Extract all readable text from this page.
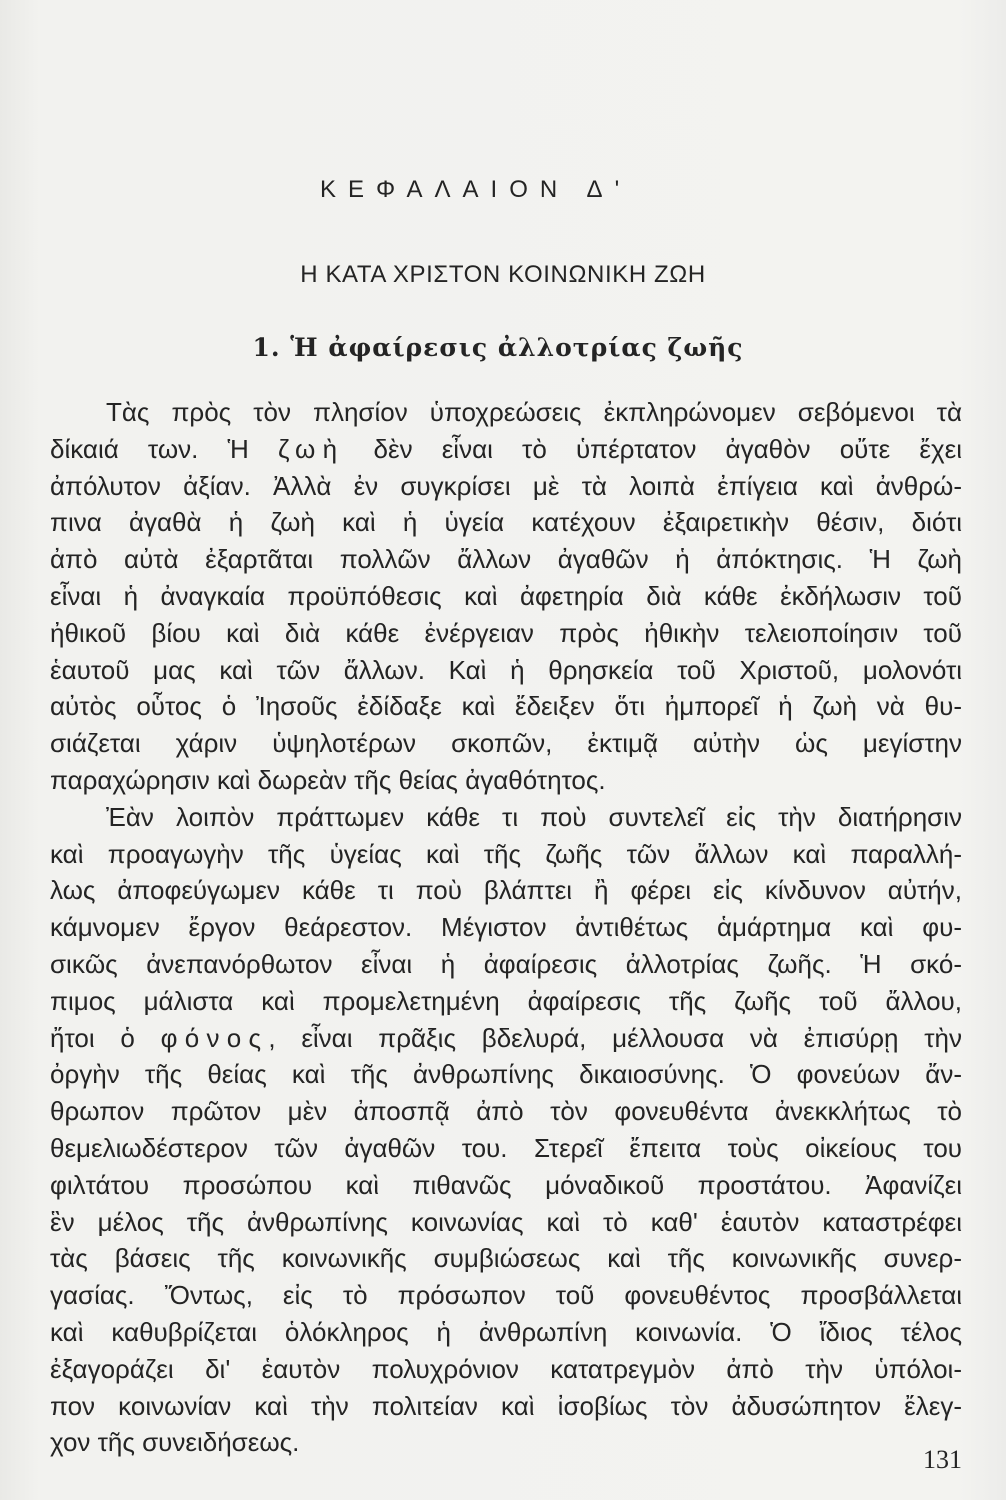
ΚΕΦΑΛΑΙΟΝ Δ'
Η ΚΑΤΑ ΧΡΙΣΤΟΝ ΚΟΙΝΩΝΙΚΗ ΖΩΗ
1. Ἡ ἀφαίρεσις ἀλλοτρίας ζωῆς
Τὰς πρὸς τὸν πλησίον ὑποχρεώσεις ἐκπληρώνομεν σεβόμενοι τὰ
δίκαιά των. Ἡ ζωὴ δὲν εἶναι τὸ ὑπέρτατον ἀγαθὸν οὔτε ἔχει
ἀπόλυτον ἀξίαν. Ἀλλὰ ἐν συγκρίσει μὲ τὰ λοιπὰ ἐπίγεια καὶ ἀνθρώ-
πινα ἀγαθὰ ἡ ζωὴ καὶ ἡ ὑγεία κατέχουν ἐξαιρετικὴν θέσιν, διότι
ἀπὸ αὐτὰ ἐξαρτᾶται πολλῶν ἄλλων ἀγαθῶν ἡ ἀπόκτησις. Ἡ ζωὴ
εἶναι ἡ ἀναγκαία προϋπόθεσις καὶ ἀφετηρία διὰ κάθε ἐκδήλωσιν τοῦ
ἠθικοῦ βίου καὶ διὰ κάθε ἐνέργειαν πρὸς ἠθικὴν τελειοποίησιν τοῦ
ἑαυτοῦ μας καὶ τῶν ἄλλων. Καὶ ἡ θρησκεία τοῦ Χριστοῦ, μολονότι
αὐτὸς οὗτος ὁ Ἰησοῦς ἐδίδαξε καὶ ἔδειξεν ὅτι ἠμπορεῖ ἡ ζωὴ νὰ θυ-
σιάζεται χάριν ὑψηλοτέρων σκοπῶν, ἐκτιμᾷ αὐτὴν ὡς μεγίστην
παραχώρησιν καὶ δωρεὰν τῆς θείας ἀγαθότητος.
Ἐὰν λοιπὸν πράττωμεν κάθε τι ποὺ συντελεῖ εἰς τὴν διατήρησιν
καὶ προαγωγὴν τῆς ὑγείας καὶ τῆς ζωῆς τῶν ἄλλων καὶ παραλλή-
λως ἀποφεύγωμεν κάθε τι ποὺ βλάπτει ἢ φέρει εἰς κίνδυνον αὐτήν,
κάμνομεν ἔργον θεάρεστον. Μέγιστον ἀντιθέτως ἁμάρτημα καὶ φυ-
σικῶς ἀνεπανόρθωτον εἶναι ἡ ἀφαίρεσις ἀλλοτρίας ζωῆς. Ἡ σκό-
πιμος μάλιστα καὶ προμελετημένη ἀφαίρεσις τῆς ζωῆς τοῦ ἄλλου,
ἤτοι ὁ φόνος, εἶναι πρᾶξις βδελυρά, μέλλουσα νὰ ἐπισύρῃ τὴν
ὀργὴν τῆς θείας καὶ τῆς ἀνθρωπίνης δικαιοσύνης. Ὁ φονεύων ἄν-
θρωπον πρῶτον μὲν ἀποσπᾷ ἀπὸ τὸν φονευθέντα ἀνεκκλήτως τὸ
θεμελιωδέστερον τῶν ἀγαθῶν του. Στερεῖ ἔπειτα τοὺς οἰκείους του
φιλτάτου προσώπου καὶ πιθανῶς μόναδικοῦ προστάτου. Ἀφανίζει
ἓν μέλος τῆς ἀνθρωπίνης κοινωνίας καὶ τὸ καθ' ἑαυτὸν καταστρέφει
τὰς βάσεις τῆς κοινωνικῆς συμβιώσεως καὶ τῆς κοινωνικῆς συνερ-
γασίας. Ὄντως, εἰς τὸ πρόσωπον τοῦ φονευθέντος προσβάλλεται
καὶ καθυβρίζεται ὁλόκληρος ἡ ἀνθρωπίνη κοινωνία. Ὁ ἴδιος τέλος
ἐξαγοράζει δι' ἑαυτὸν πολυχρόνιον κατατρεγμὸν ἀπὸ τὴν ὑπόλοι-
πον κοινωνίαν καὶ τὴν πολιτείαν καὶ ἰσοβίως τὸν ἀδυσώπητον ἔλεγ-
χον τῆς συνειδήσεως.
131
